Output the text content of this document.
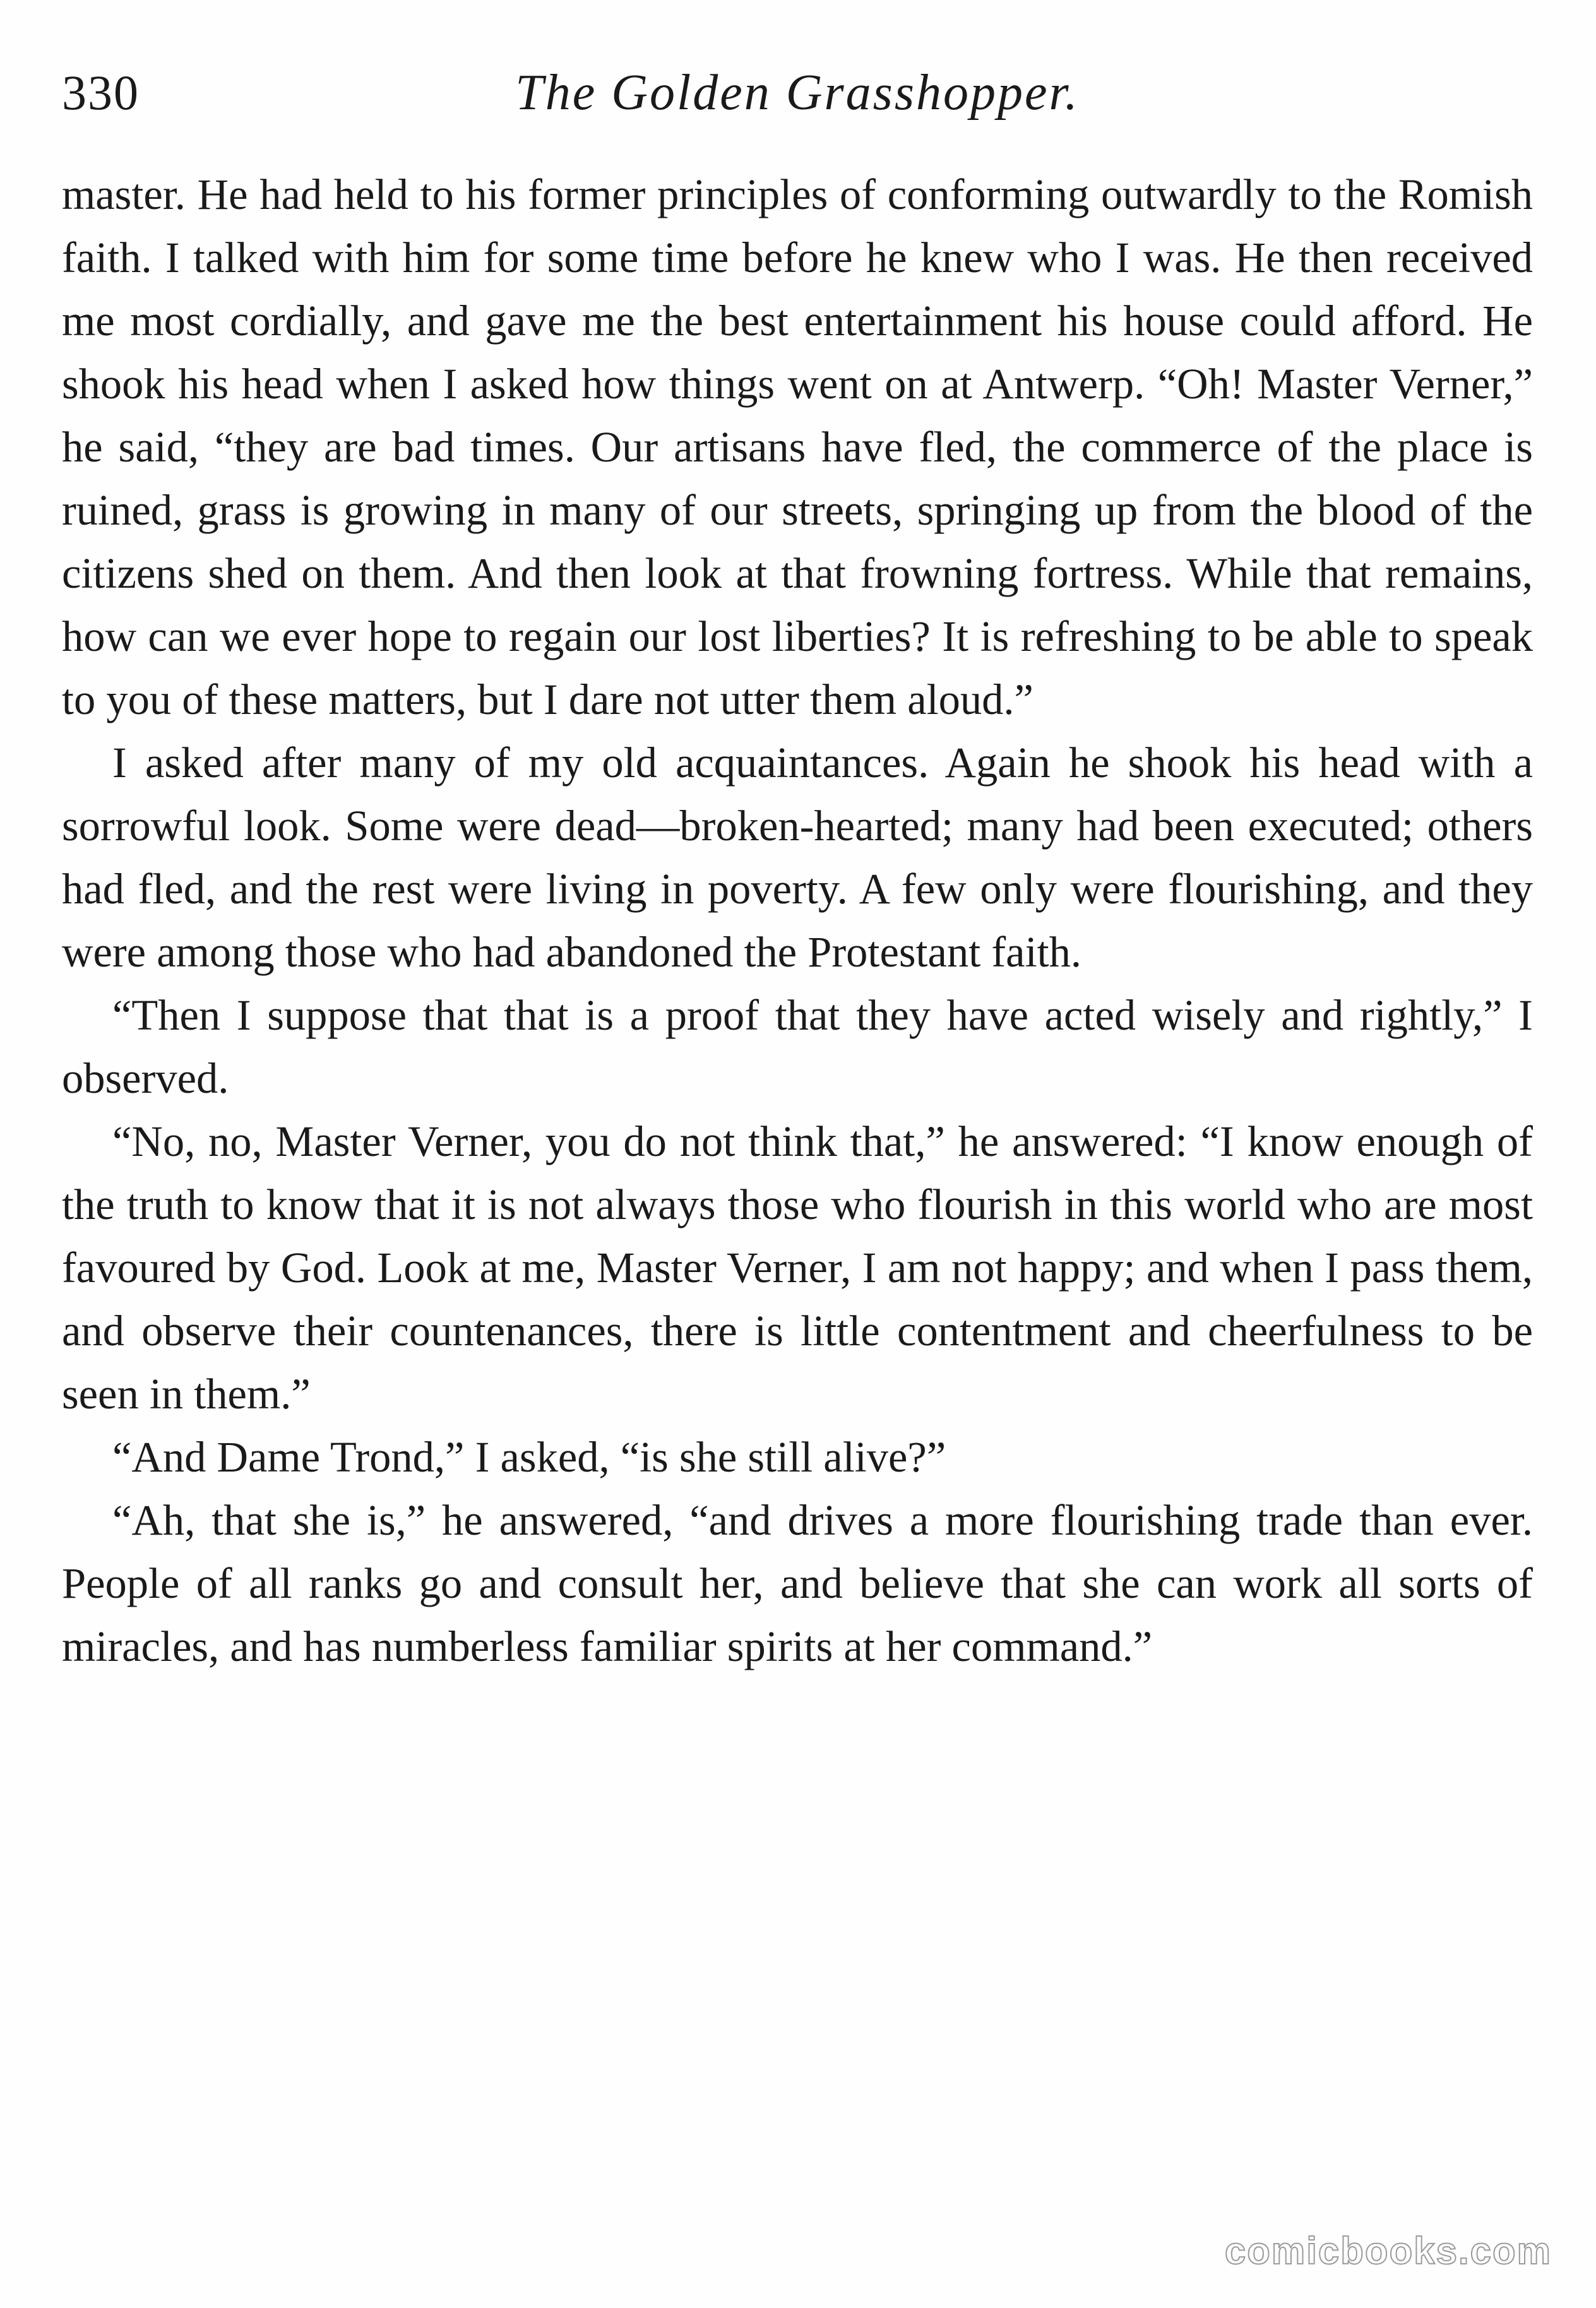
330	The Golden Grasshopper.

master. He had held to his former principles of conforming outwardly to the Romish faith. I talked with him for some time before he knew who I was. He then received me most cordially, and gave me the best entertainment his house could afford. He shook his head when I asked how things went on at Antwerp. “Oh! Master Verner,” he said, “they are bad times. Our artisans have fled, the commerce of the place is ruined, grass is growing in many of our streets, springing up from the blood of the citizens shed on them. And then look at that frowning fortress. While that remains, how can we ever hope to regain our lost liberties? It is refreshing to be able to speak to you of these matters, but I dare not utter them aloud.”

I asked after many of my old acquaintances. Again he shook his head with a sorrowful look. Some were dead—broken-hearted; many had been executed; others had fled, and the rest were living in poverty. A few only were flourishing, and they were among those who had abandoned the Protestant faith.

“Then I suppose that that is a proof that they have acted wisely and rightly,” I observed.

“No, no, Master Verner, you do not think that,” he answered: “I know enough of the truth to know that it is not always those who flourish in this world who are most favoured by God. Look at me, Master Verner, I am not happy; and when I pass them, and observe their countenances, there is little contentment and cheerfulness to be seen in them.”

“And Dame Trond,” I asked, “is she still alive?”

“Ah, that she is,” he answered, “and drives a more flourishing trade than ever. People of all ranks go and consult her, and believe that she can work all sorts of miracles, and has numberless familiar spirits at her command.”

comicbooks.com
